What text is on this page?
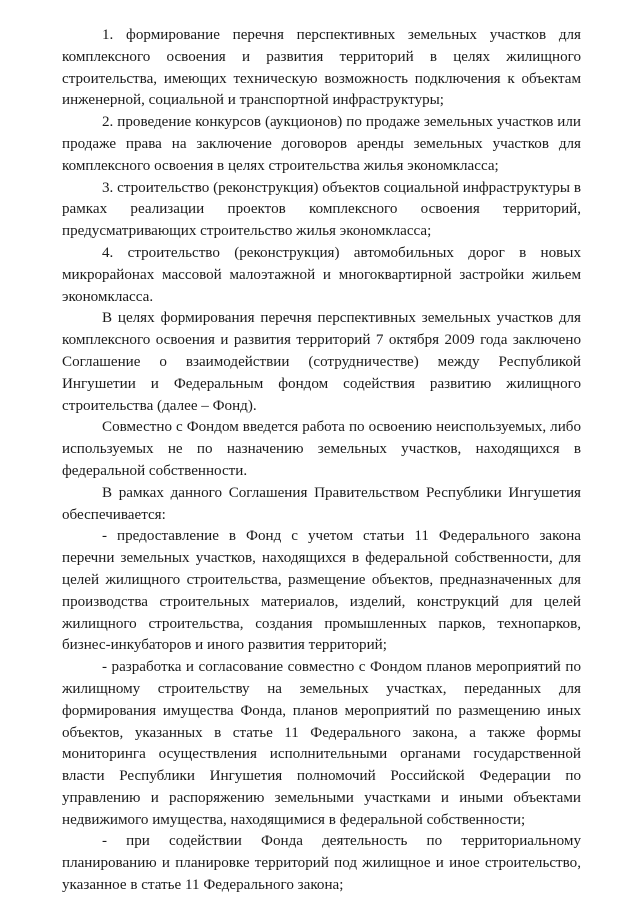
1. формирование перечня перспективных земельных участков для комплексного освоения и развития территорий в целях жилищного строительства, имеющих техническую возможность подключения к объектам инженерной, социальной и транспортной инфраструктуры;

2. проведение конкурсов (аукционов) по продаже земельных участков или продаже права на заключение договоров аренды земельных участков для комплексного освоения в целях строительства жилья экономкласса;

3. строительство (реконструкция) объектов социальной инфраструктуры в рамках реализации проектов комплексного освоения территорий, предусматривающих строительство жилья экономкласса;

4. строительство (реконструкция) автомобильных дорог в новых микрорайонах массовой малоэтажной и многоквартирной застройки жильем экономкласса.

В целях формирования перечня перспективных земельных участков для комплексного освоения и развития территорий 7 октября 2009 года заключено Соглашение о взаимодействии (сотрудничестве) между Республикой Ингушетии и Федеральным фондом содействия развитию жилищного строительства (далее – Фонд).

Совместно с Фондом введется работа по освоению неиспользуемых, либо используемых не по назначению земельных участков, находящихся в федеральной собственности.

В рамках данного Соглашения Правительством Республики Ингушетия обеспечивается:

- предоставление в Фонд с учетом статьи 11 Федерального закона перечни земельных участков, находящихся в федеральной собственности, для целей жилищного строительства, размещение объектов, предназначенных для производства строительных материалов, изделий, конструкций для целей жилищного строительства, создания промышленных парков, технопарков, бизнес-инкубаторов и иного развития территорий;

- разработка и согласование совместно с Фондом планов мероприятий по жилищному строительству на земельных участках, переданных для формирования имущества Фонда, планов мероприятий по размещению иных объектов, указанных в статье 11 Федерального закона, а также формы мониторинга осуществления исполнительными органами государственной власти Республики Ингушетия полномочий Российской Федерации по управлению и распоряжению земельными участками и иными объектами недвижимого имущества, находящимися в федеральной собственности;

- при содействии Фонда деятельность по территориальному планированию и планировке территорий под жилищное и иное строительство, указанное в статье 11 Федерального закона;
